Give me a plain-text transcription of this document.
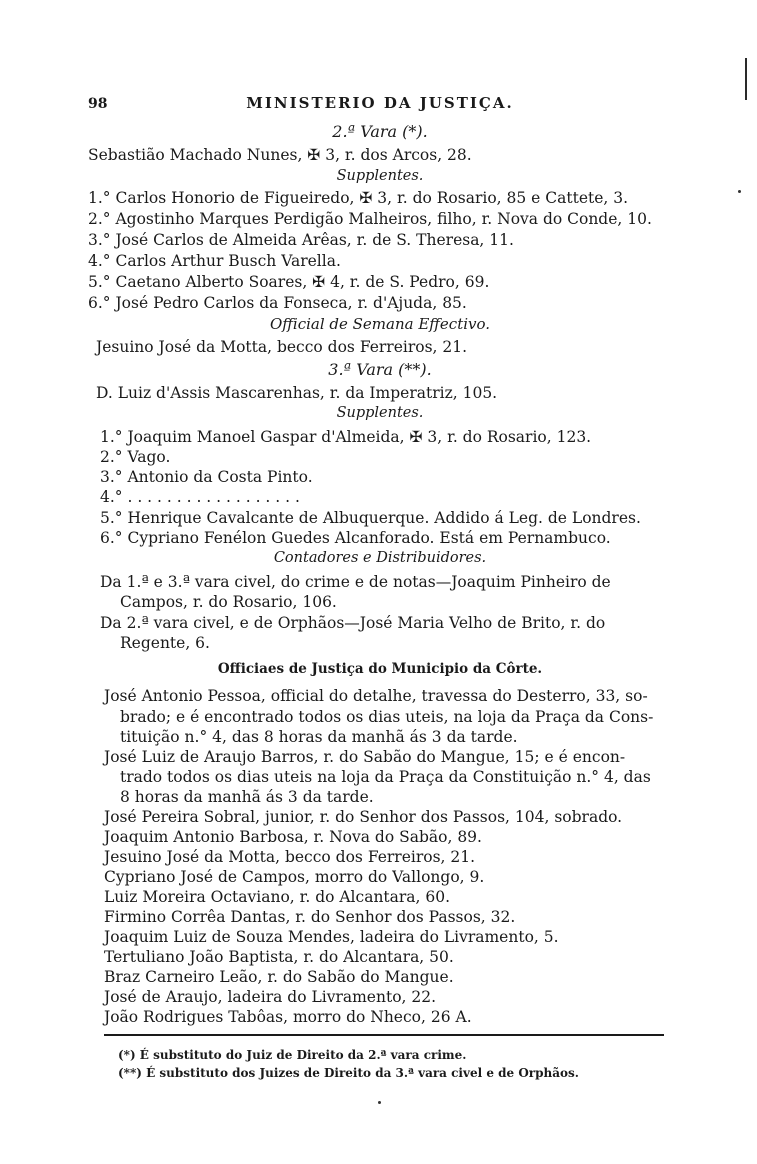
98	MINISTERIO DA JUSTIÇA.
2.ª Vara (*).
Sebastião Machado Nunes, ✠ 3, r. dos Arcos, 28.
Supplentes.
1.° Carlos Honorio de Figueiredo, ✠ 3, r. do Rosario, 85 e Cattete, 3.
2.° Agostinho Marques Perdigão Malheiros, filho, r. Nova do Conde, 10.
3.° José Carlos de Almeida Arêas, r. de S. Theresa, 11.
4.° Carlos Arthur Busch Varella.
5.° Caetano Alberto Soares, ✠ 4, r. de S. Pedro, 69.
6.° José Pedro Carlos da Fonseca, r. d'Ajuda, 85.
Official de Semana Effectivo.
Jesuino José da Motta, becco dos Ferreiros, 21.
3.ª Vara (**).
D. Luiz d'Assis Mascarenhas, r. da Imperatriz, 105.
Supplentes.
1.° Joaquim Manoel Gaspar d'Almeida, ✠ 3, r. do Rosario, 123.
2.° Vago.
3.° Antonio da Costa Pinto.
4.° . . . . . . . . . . . . . . . . . .
5.° Henrique Cavalcante de Albuquerque. Addido á Leg. de Londres.
6.° Cypriano Fenélon Guedes Alcanforado. Está em Pernambuco.
Contadores e Distribuidores.
Da 1.ª e 3.ª vara civel, do crime e de notas—Joaquim Pinheiro de
Campos, r. do Rosario, 106.
Da 2.ª vara civel, e de Orphãos—José Maria Velho de Brito, r. do
Regente, 6.
Officiaes de Justiça do Municipio da Côrte.
José Antonio Pessoa, official do detalhe, travessa do Desterro, 33, so-
brado; e é encontrado todos os dias uteis, na loja da Praça da Cons-
tituição n.° 4, das 8 horas da manhã ás 3 da tarde.
José Luiz de Araujo Barros, r. do Sabão do Mangue, 15; e é encon-
trado todos os dias uteis na loja da Praça da Constituição n.° 4, das
8 horas da manhã ás 3 da tarde.
José Pereira Sobral, junior, r. do Senhor dos Passos, 104, sobrado.
Joaquim Antonio Barbosa, r. Nova do Sabão, 89.
Jesuino José da Motta, becco dos Ferreiros, 21.
Cypriano José de Campos, morro do Vallongo, 9.
Luiz Moreira Octaviano, r. do Alcantara, 60.
Firmino Corrêa Dantas, r. do Senhor dos Passos, 32.
Joaquim Luiz de Souza Mendes, ladeira do Livramento, 5.
Tertuliano João Baptista, r. do Alcantara, 50.
Braz Carneiro Leão, r. do Sabão do Mangue.
José de Araujo, ladeira do Livramento, 22.
João Rodrigues Tabôas, morro do Nheco, 26 A.
(*) É substituto do Juiz de Direito da 2.ª vara crime.
(**) É substituto dos Juizes de Direito da 3.ª vara civel e de Orphãos.
